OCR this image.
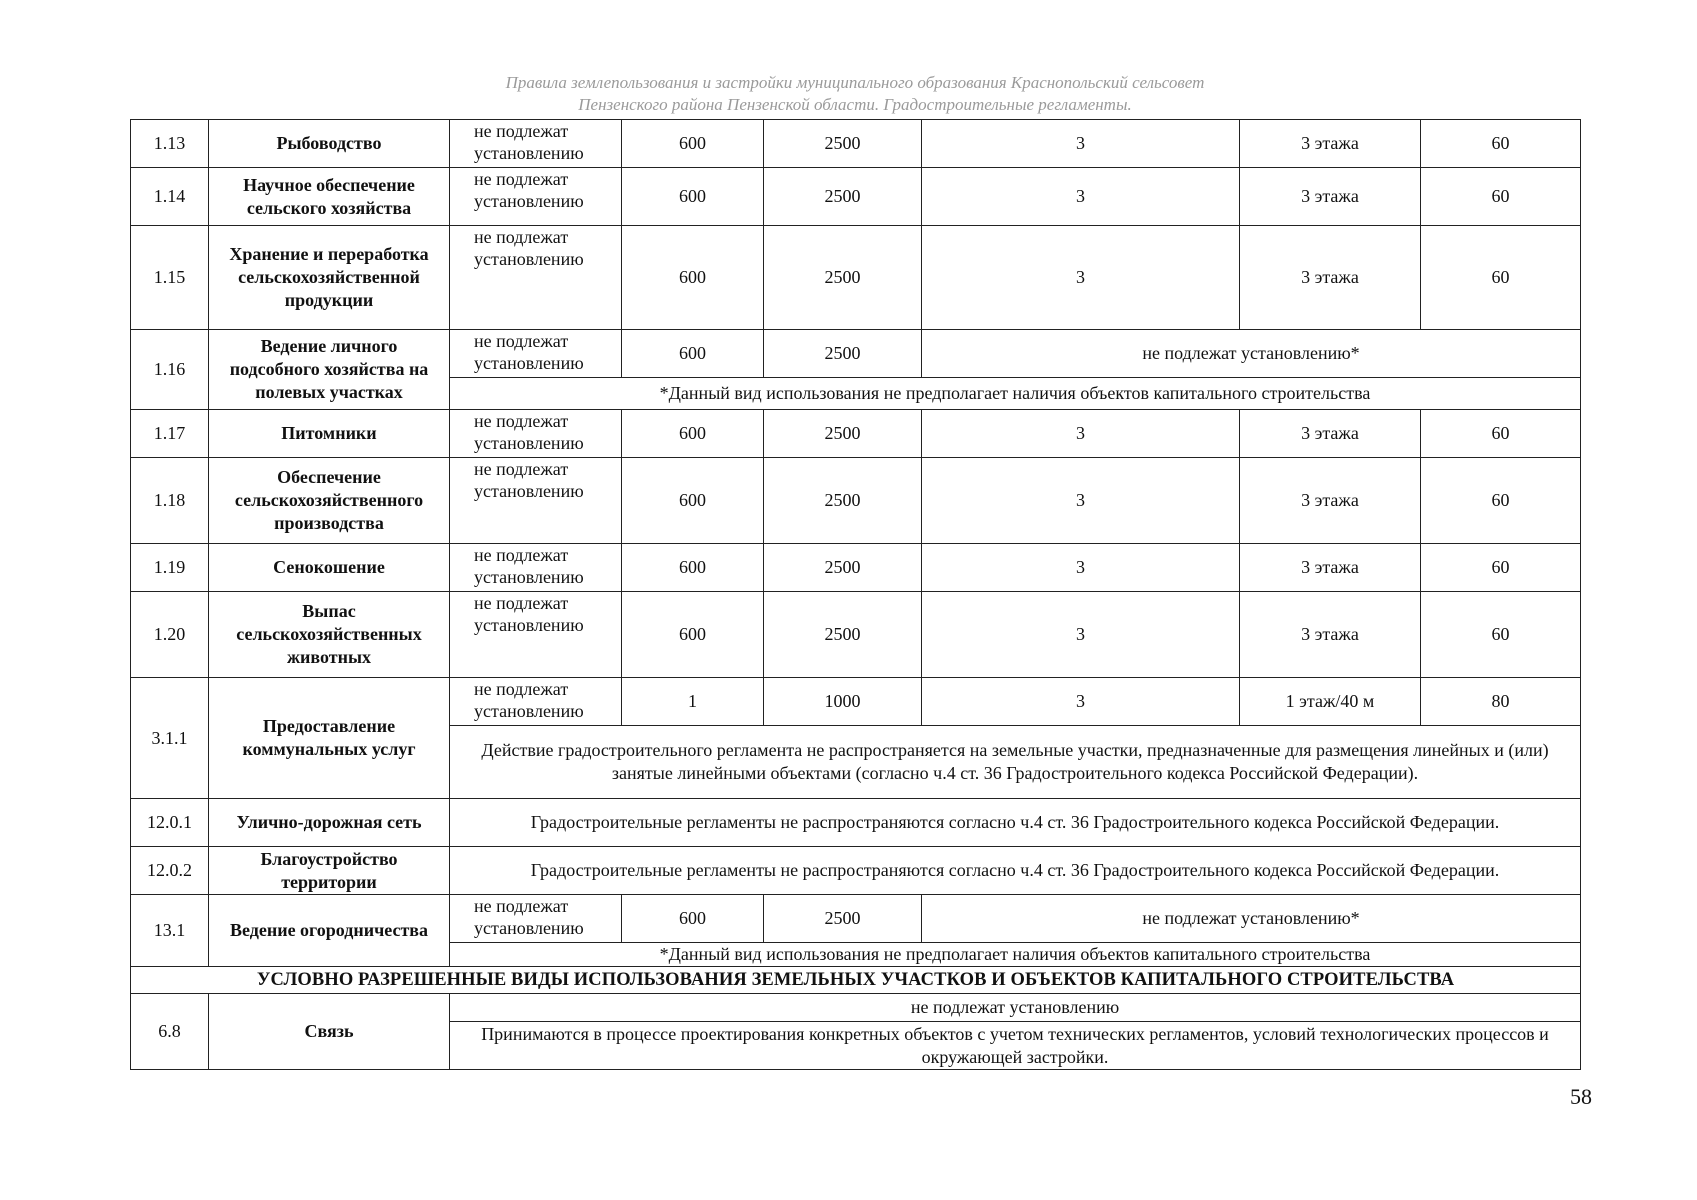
Правила землепользования и застройки муниципального образования Краснопольский сельсовет
Пензенского района Пензенской области. Градостроительные регламенты.
1.13	Рыбоводство	не подлежат установлению	600	2500	3	3 этажа	60
1.14	Научное обеспечение сельского хозяйства	не подлежат установлению	600	2500	3	3 этажа	60
1.15	Хранение и переработка сельскохозяйственной продукции	не подлежат установлению	600	2500	3	3 этажа	60
1.16	Ведение личного подсобного хозяйства на полевых участках	не подлежат установлению	600	2500	не подлежат установлению*		
		*Данный вид использования не предполагает наличия объектов капитального строительства					
1.17	Питомники	не подлежат установлению	600	2500	3	3 этажа	60
1.18	Обеспечение сельскохозяйственного производства	не подлежат установлению	600	2500	3	3 этажа	60
1.19	Сенокошение	не подлежат установлению	600	2500	3	3 этажа	60
1.20	Выпас сельскохозяйственных животных	не подлежат установлению	600	2500	3	3 этажа	60
3.1.1	Предоставление коммунальных услуг	не подлежат установлению	1	1000	3	1 этаж/40 м	80
		Действие градостроительного регламента не распространяется на земельные участки, предназначенные для размещения линейных и (или) занятые линейными объектами (согласно ч.4 ст. 36 Градостроительного кодекса Российской Федерации).					
12.0.1	Улично-дорожная сеть	Градостроительные регламенты не распространяются согласно ч.4 ст. 36 Градостроительного кодекса Российской Федерации.					
12.0.2	Благоустройство территории	Градостроительные регламенты не распространяются согласно ч.4 ст. 36 Градостроительного кодекса Российской Федерации.					
13.1	Ведение огородничества	не подлежат установлению	600	2500	не подлежат установлению*		
		*Данный вид использования не предполагает наличия объектов капитального строительства					
УСЛОВНО РАЗРЕШЕННЫЕ ВИДЫ ИСПОЛЬЗОВАНИЯ ЗЕМЕЛЬНЫХ УЧАСТКОВ И ОБЪЕКТОВ КАПИТАЛЬНОГО СТРОИТЕЛЬСТВА							
6.8	Связь	не подлежат установлению					
		Принимаются в процессе проектирования конкретных объектов с учетом технических регламентов, условий технологических процессов и окружающей застройки.					
58
